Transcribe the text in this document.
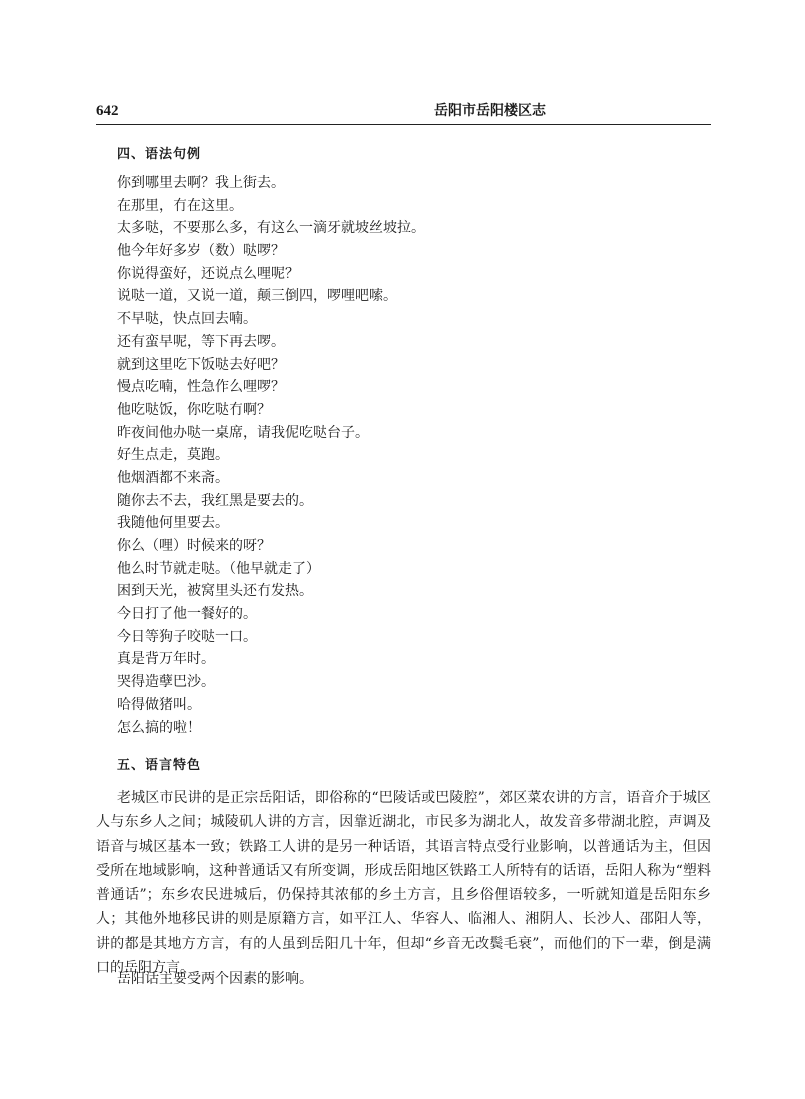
642	岳阳市岳阳楼区志
四、语法句例
你到哪里去啊？我上街去。
在那里，冇在这里。
太多哒，不要那么多，有这么一滴牙就坡丝坡拉。
他今年好多岁（数）哒啰？
你说得蛮好，还说点么哩呢？
说哒一道，又说一道，颠三倒四，啰哩吧嗦。
不早哒，快点回去喃。
还有蛮早呢，等下再去啰。
就到这里吃下饭哒去好吧？
慢点吃喃，性急作么哩啰？
他吃哒饭，你吃哒冇啊？
昨夜间他办哒一桌席，请我伲吃哒台子。
好生点走，莫跑。
他烟酒都不来斋。
随你去不去，我红黑是要去的。
我随他何里要去。
你么（哩）时候来的呀？
他么时节就走哒。（他早就走了）
困到天光，被窝里头还冇发热。
今日打了他一餐好的。
今日等狗子咬哒一口。
真是背万年时。
哭得造孽巴沙。
哈得做猪叫。
怎么搞的啦！
五、语言特色

老城区市民讲的是正宗岳阳话，即俗称的“巴陵话或巴陵腔”，郊区菜农讲的方言，语音介于城区人与东乡人之间；城陵矶人讲的方言，因靠近湖北，市民多为湖北人，故发音多带湖北腔，声调及语音与城区基本一致；铁路工人讲的是另一种话语，其语言特点受行业影响，以普通话为主，但因受所在地域影响，这种普通话又有所变调，形成岳阳地区铁路工人所特有的话语，岳阳人称为“塑料普通话”；东乡农民进城后，仍保持其浓郁的乡土方言，且乡俗俚语较多，一听就知道是岳阳东乡人；其他外地移民讲的则是原籍方言，如平江人、华容人、临湘人、湘阴人、长沙人、邵阳人等，讲的都是其地方方言，有的人虽到岳阳几十年，但却“乡音无改鬓毛衰”，而他们的下一辈，倒是满口的岳阳方言。

岳阳话主要受两个因素的影响。
